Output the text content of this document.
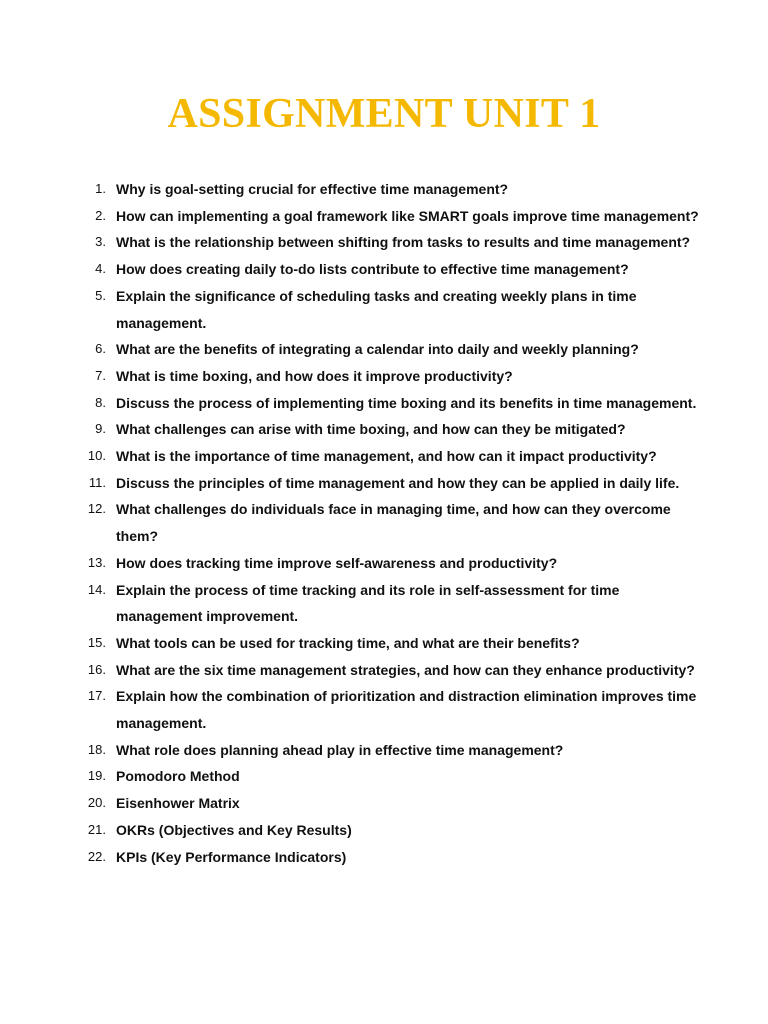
ASSIGNMENT UNIT 1
1. Why is goal-setting crucial for effective time management?
2. How can implementing a goal framework like SMART goals improve time management?
3. What is the relationship between shifting from tasks to results and time management?
4. How does creating daily to-do lists contribute to effective time management?
5. Explain the significance of scheduling tasks and creating weekly plans in time management.
6. What are the benefits of integrating a calendar into daily and weekly planning?
7. What is time boxing, and how does it improve productivity?
8. Discuss the process of implementing time boxing and its benefits in time management.
9. What challenges can arise with time boxing, and how can they be mitigated?
10. What is the importance of time management, and how can it impact productivity?
11. Discuss the principles of time management and how they can be applied in daily life.
12. What challenges do individuals face in managing time, and how can they overcome them?
13. How does tracking time improve self-awareness and productivity?
14. Explain the process of time tracking and its role in self-assessment for time management improvement.
15. What tools can be used for tracking time, and what are their benefits?
16. What are the six time management strategies, and how can they enhance productivity?
17. Explain how the combination of prioritization and distraction elimination improves time management.
18. What role does planning ahead play in effective time management?
19. Pomodoro Method
20. Eisenhower Matrix
21. OKRs (Objectives and Key Results)
22. KPIs (Key Performance Indicators)
